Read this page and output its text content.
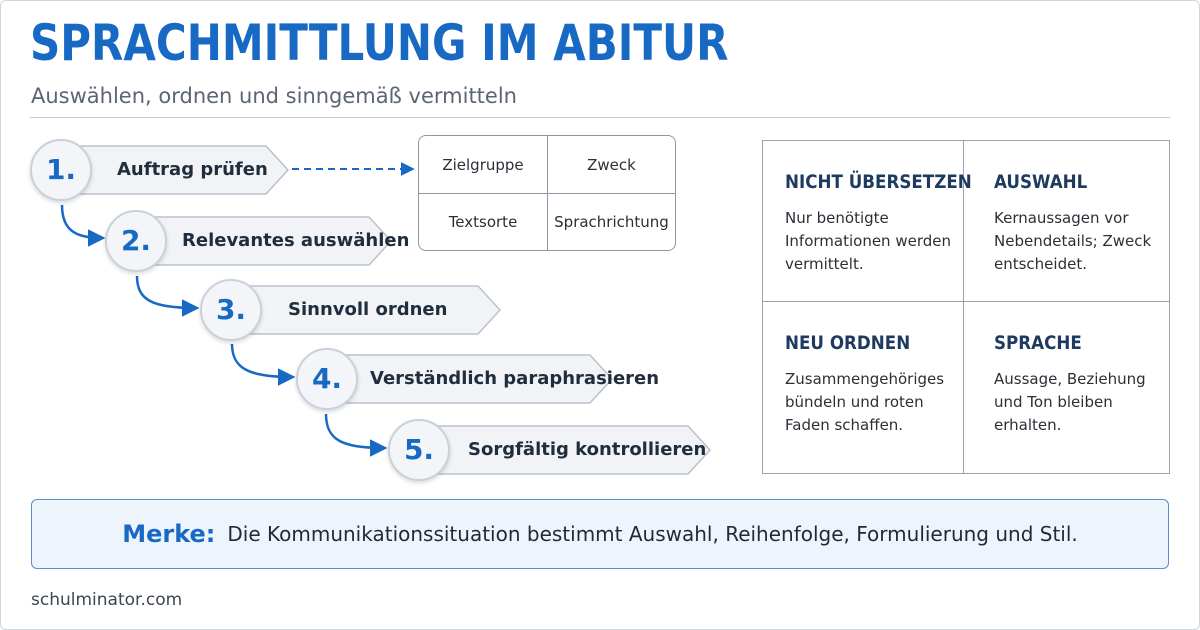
SPRACHMITTLUNG IM ABITUR
Auswählen, ordnen und sinngemäß vermitteln
Auftrag prüfen
1.
Relevantes auswählen
2.
Sinnvoll ordnen
3.
Verständlich paraphrasieren
4.
Sorgfältig kontrollieren
5.
Zielgruppe	Zweck
Textsorte	Sprachrichtung
NICHT ÜBERSETZEN

Nur benötigte Informationen werden vermittelt.

AUSWAHL

Kernaussagen vor Nebendetails; Zweck entscheidet.

NEU ORDNEN

Zusammengehöriges bündeln und roten Faden schaffen.

SPRACHE

Aussage, Beziehung und Ton bleiben erhalten.

Merke: Die Kommunikationssituation bestimmt Auswahl, Reihenfolge, Formulierung und Stil.
schulminator.com
